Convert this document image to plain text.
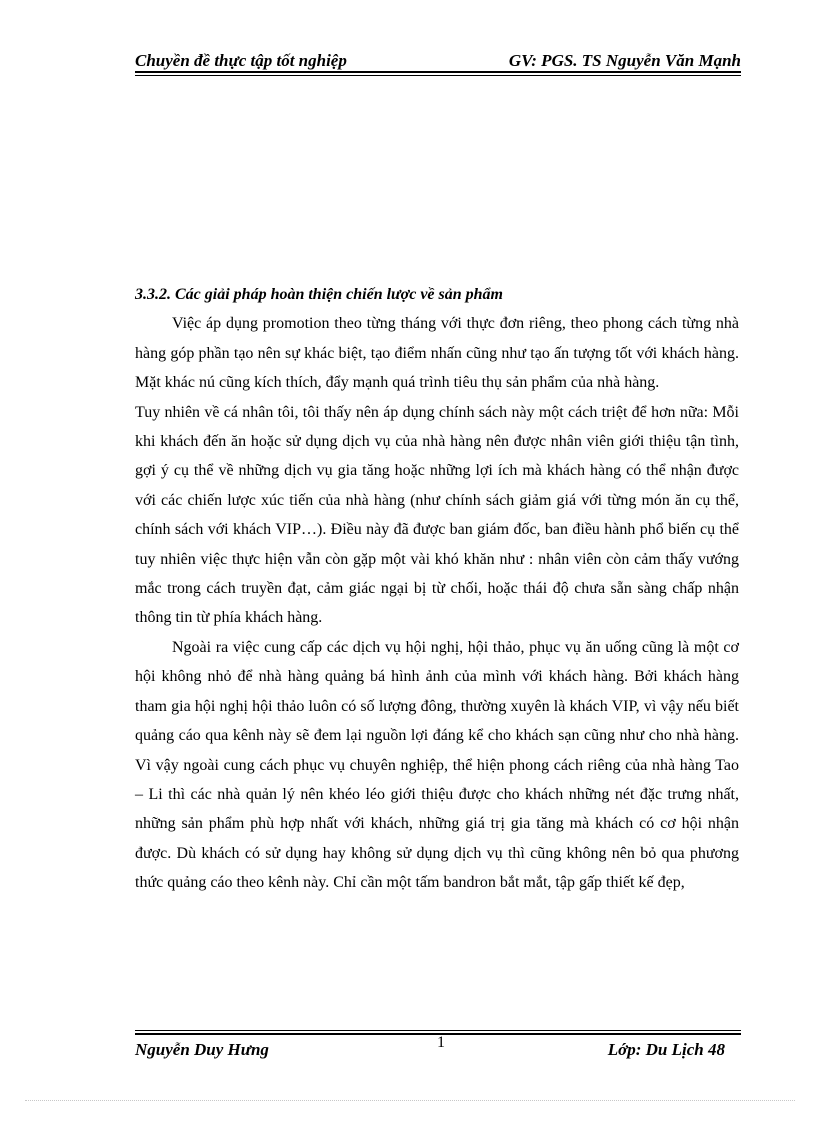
Chuyền đề thực tập tốt nghiệp	GV: PGS. TS Nguyễn Văn Mạnh
3.3.2. Các giải pháp hoàn thiện chiến lược về sản phẩm

Việc áp dụng promotion theo từng tháng với thực đơn riêng, theo phong cách từng nhà hàng góp phần tạo nên sự khác biệt, tạo điểm nhấn cũng như tạo ấn tượng tốt với khách hàng. Mặt khác nú cũng kích thích, đẩy mạnh quá trình tiêu thụ sản phẩm của nhà hàng.

Tuy nhiên về cá nhân tôi, tôi thấy nên áp dụng chính sách này một cách triệt để hơn nữa: Mỗi khi khách đến ăn hoặc sử dụng dịch vụ của nhà hàng nên được nhân viên giới thiệu tận tình, gợi ý cụ thể về những dịch vụ gia tăng hoặc những lợi ích mà khách hàng có thể nhận được với các chiến lược xúc tiến của nhà hàng (như chính sách giảm giá với từng món ăn cụ thể, chính sách với khách VIP…). Điều này đã được ban giám đốc, ban điều hành phổ biến cụ thể tuy nhiên việc thực hiện vẫn còn gặp một vài khó khăn như : nhân viên còn cảm thấy vướng mắc trong cách truyền đạt, cảm giác ngại bị từ chối, hoặc thái độ chưa sẵn sàng chấp nhận thông tin từ phía khách hàng.

Ngoài ra việc cung cấp các dịch vụ hội nghị, hội thảo, phục vụ ăn uống cũng là một cơ hội không nhỏ để nhà hàng quảng bá hình ảnh của mình với khách hàng. Bởi khách hàng tham gia hội nghị hội thảo luôn có số lượng đông, thường xuyên là khách VIP, vì vậy nếu biết quảng cáo qua kênh này sẽ đem lại nguồn lợi đáng kể cho khách sạn cũng như cho nhà hàng. Vì vậy ngoài cung cách phục vụ chuyên nghiệp, thể hiện phong cách riêng của nhà hàng Tao – Li thì các nhà quản lý nên khéo léo giới thiệu được cho khách những nét đặc trưng nhất, những sản phẩm phù hợp nhất với khách, những giá trị gia tăng mà khách có cơ hội nhận được. Dù khách có sử dụng hay không sử dụng dịch vụ thì cũng không nên bỏ qua phương thức quảng cáo theo kênh này. Chỉ cần một tấm bandron bắt mắt, tập gấp thiết kế đẹp,

Nguyễn Duy Hưng	1	Lớp: Du Lịch 48
